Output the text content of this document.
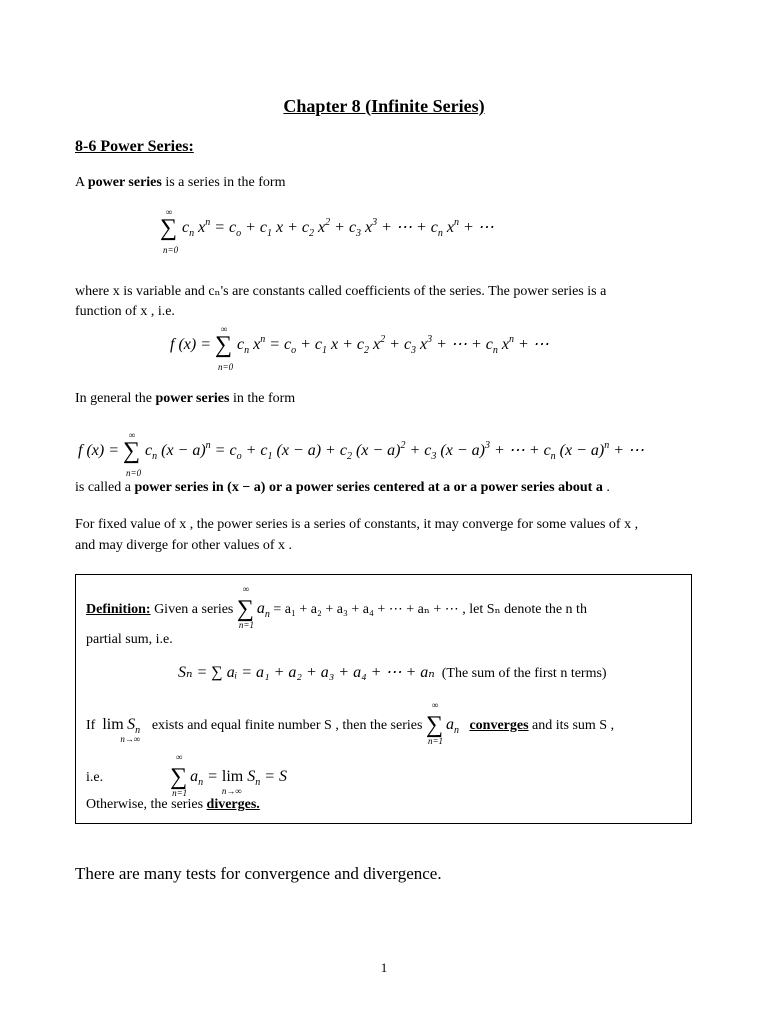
Chapter 8 (Infinite Series)
8-6 Power Series:
A power series is a series in the form
∞
∑
n=0
$c_n$ $x^n = c_o + c_1$ $x + c_2$ $x^2 + c_3$ $x^3$ + ⋯ + $c_n$ $x^n$ + ⋯
where x is variable and cₙ's are constants called coefficients of the series. The power series is a
function of x , i.e.
f (x) =
∞
∑
n=0
$c_n$ $x^n = c_o + c_1$ $x + c_2$ $x^2 + c_3$ $x^3$ + ⋯ + $c_n$ $x^n$ + ⋯
In general the power series in the form
f (x) =
∞
∑
n=0
$c_n$ $(x - a)^n = c_o + c_1$ $(x - a) + c_2$ $(x - a)^2 + c_3$ $(x - a)^3$ + ⋯ + $c_n$ $(x - a)^n$ + ⋯
is called a power series in (x − a) or a power series centered at a or a power series about a .
For fixed value of x , the power series is a series of constants, it may converge for some values of x ,
and may diverge for other values of x .
Definition: Given a series
∞
∑
n=1
$a_n = a_1 + a_2 + a_3 + a_4$ + ⋯ + aₙ + ⋯ , let Sₙ denote the n th
partial sum, i.e.
Sₙ = ∑ aᵢ = a₁ + a₂ + a₃ + a₄ + ⋯ + aₙ (The sum of the first n terms)
If $\lim S_n$
n→∞
exists and equal finite number S , then the series
∞
∑
n=1
$a_n$ converges and its sum S ,
i.e.
∞
∑
n=1
$a_n = \lim$
n→∞
$S_n = S$
Otherwise, the series diverges.
There are many tests for convergence and divergence.
1
